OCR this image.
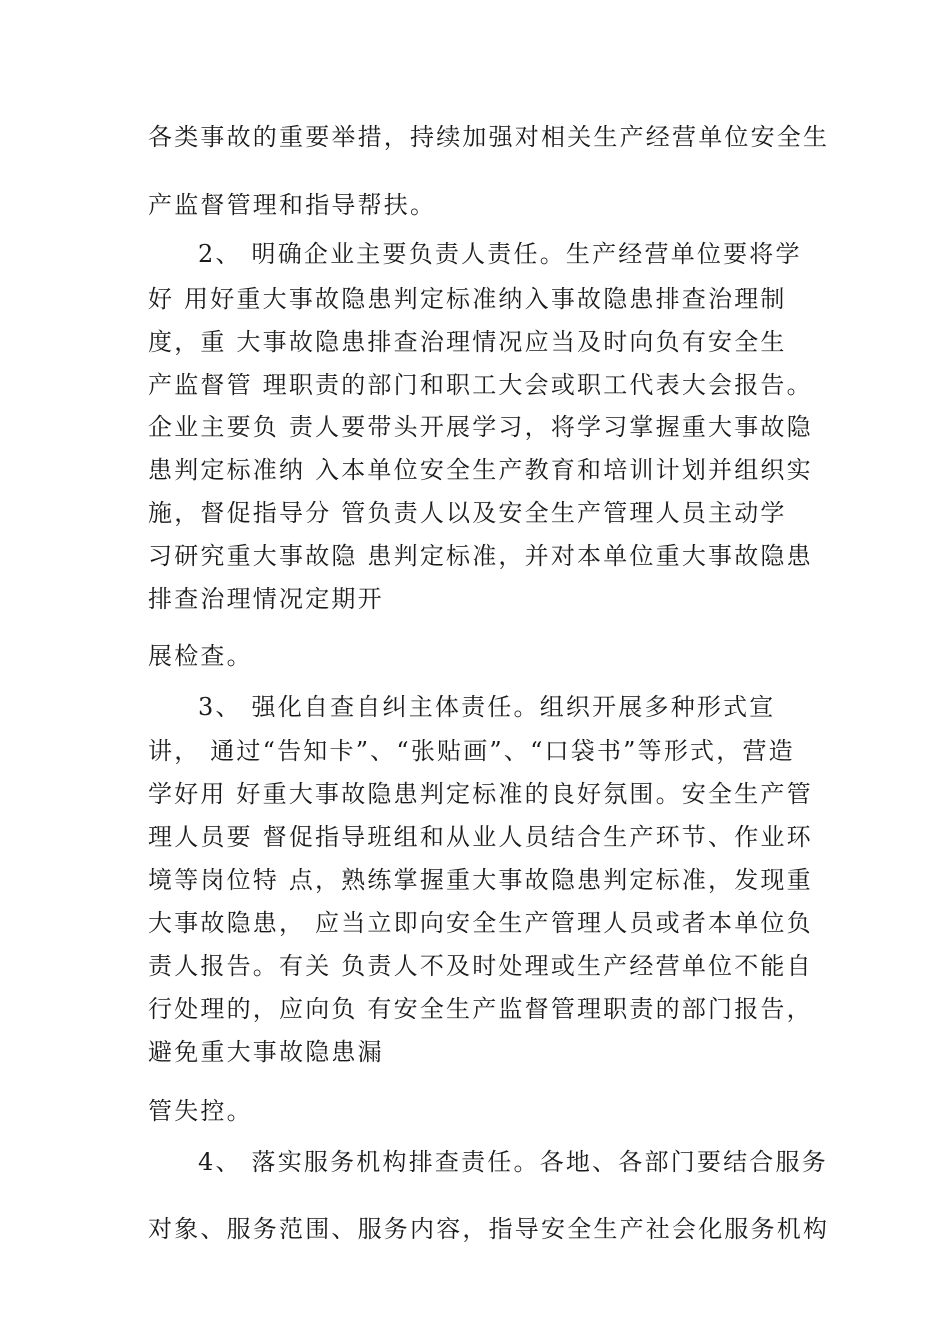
各类事故的重要举措，持续加强对相关生产经营单位安全生
产监督管理和指导帮扶。
2、 明确企业主要负责人责任。生产经营单位要将学
好 用好重大事故隐患判定标准纳入事故隐患排查治理制
度，重 大事故隐患排查治理情况应当及时向负有安全生
产监督管 理职责的部门和职工大会或职工代表大会报告。
企业主要负 责人要带头开展学习，将学习掌握重大事故隐
患判定标准纳 入本单位安全生产教育和培训计划并组织实
施，督促指导分 管负责人以及安全生产管理人员主动学
习研究重大事故隐 患判定标准，并对本单位重大事故隐患
排查治理情况定期开
展检查。
3、 强化自查自纠主体责任。组织开展多种形式宣
讲， 通过“告知卡”、“张贴画”、“口袋书”等形式，营造
学好用 好重大事故隐患判定标准的良好氛围。安全生产管
理人员要 督促指导班组和从业人员结合生产环节、作业环
境等岗位特 点，熟练掌握重大事故隐患判定标准，发现重
大事故隐患， 应当立即向安全生产管理人员或者本单位负
责人报告。有关 负责人不及时处理或生产经营单位不能自
行处理的，应向负 有安全生产监督管理职责的部门报告，
避免重大事故隐患漏
管失控。
4、 落实服务机构排查责任。各地、各部门要结合服务
对象、服务范围、服务内容，指导安全生产社会化服务机构
